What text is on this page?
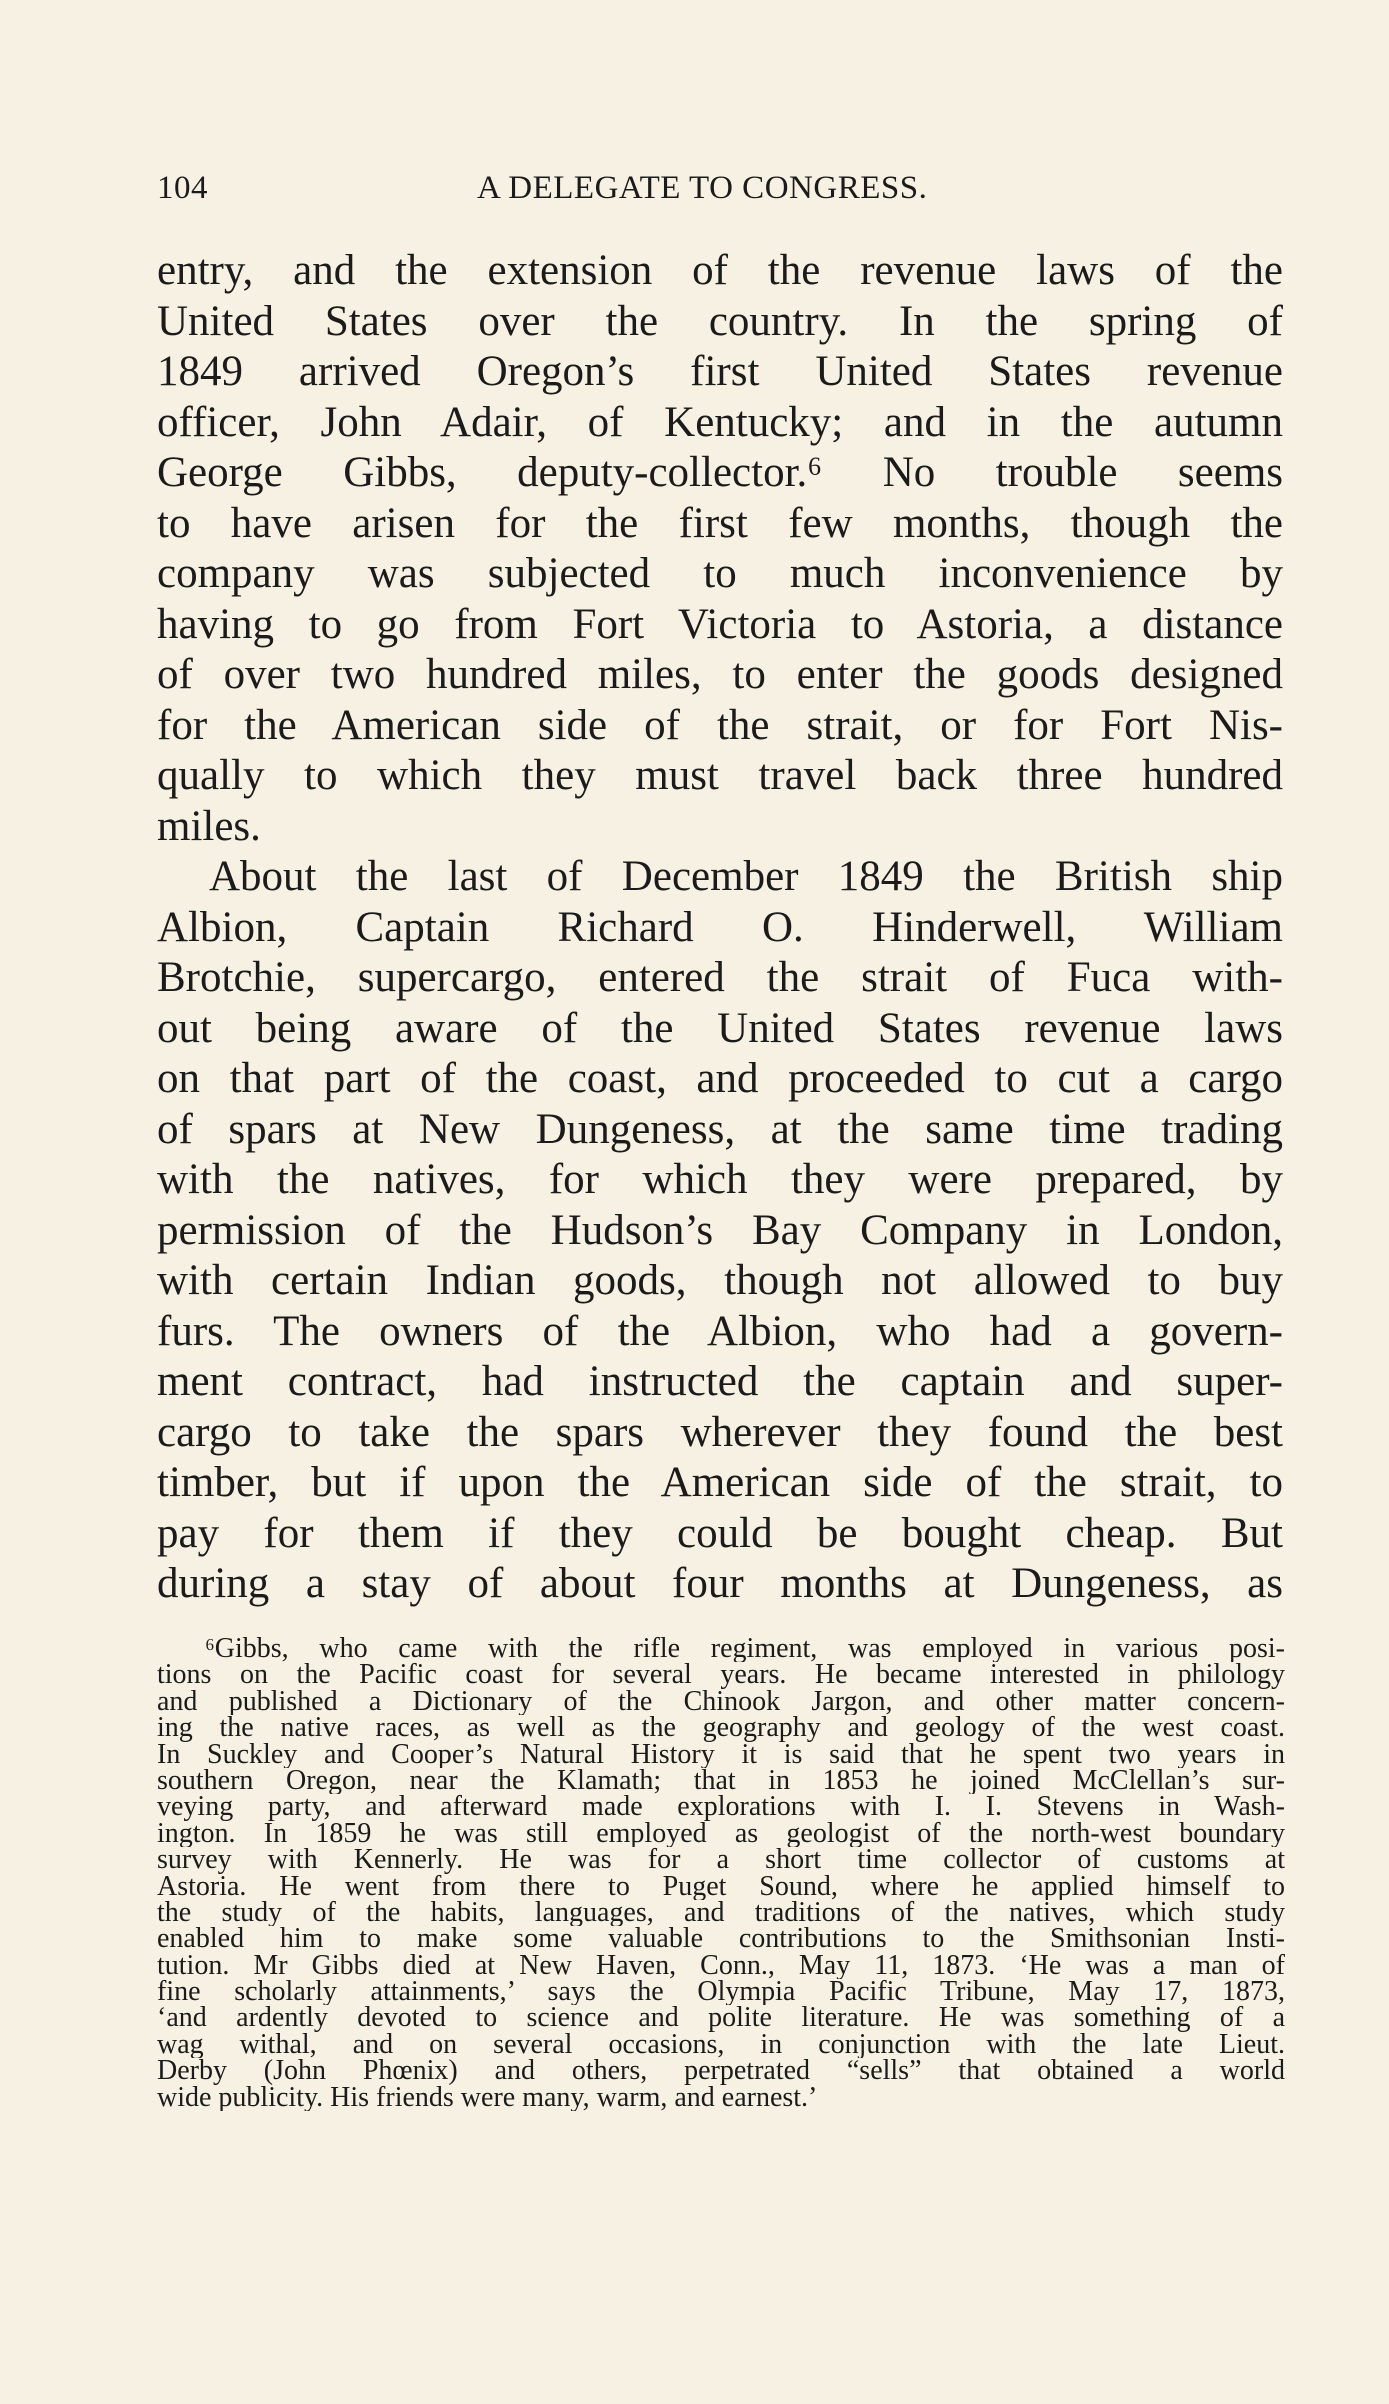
104	A DELEGATE TO CONGRESS.
entry, and the extension of the revenue laws of the
United States over the country. In the spring of
1849 arrived Oregon’s first United States revenue
officer, John Adair, of Kentucky; and in the autumn
George Gibbs, deputy-collector.⁶ No trouble seems
to have arisen for the first few months, though the
company was subjected to much inconvenience by
having to go from Fort Victoria to Astoria, a distance
of over two hundred miles, to enter the goods designed
for the American side of the strait, or for Fort Nis-
qually to which they must travel back three hundred
miles.
About the last of December 1849 the British ship
Albion, Captain Richard O. Hinderwell, William
Brotchie, supercargo, entered the strait of Fuca with-
out being aware of the United States revenue laws
on that part of the coast, and proceeded to cut a cargo
of spars at New Dungeness, at the same time trading
with the natives, for which they were prepared, by
permission of the Hudson’s Bay Company in London,
with certain Indian goods, though not allowed to buy
furs. The owners of the Albion, who had a govern-
ment contract, had instructed the captain and super-
cargo to take the spars wherever they found the best
timber, but if upon the American side of the strait, to
pay for them if they could be bought cheap. But
during a stay of about four months at Dungeness, as
⁶Gibbs, who came with the rifle regiment, was employed in various posi-
tions on the Pacific coast for several years. He became interested in philology
and published a Dictionary of the Chinook Jargon, and other matter concern-
ing the native races, as well as the geography and geology of the west coast.
In Suckley and Cooper’s Natural History it is said that he spent two years in
southern Oregon, near the Klamath; that in 1853 he joined McClellan’s sur-
veying party, and afterward made explorations with I. I. Stevens in Wash-
ington. In 1859 he was still employed as geologist of the north-west boundary
survey with Kennerly. He was for a short time collector of customs at
Astoria. He went from there to Puget Sound, where he applied himself to
the study of the habits, languages, and traditions of the natives, which study
enabled him to make some valuable contributions to the Smithsonian Insti-
tution. Mr Gibbs died at New Haven, Conn., May 11, 1873. ‘He was a man of
fine scholarly attainments,’ says the Olympia Pacific Tribune, May 17, 1873,
‘and ardently devoted to science and polite literature. He was something of a
wag withal, and on several occasions, in conjunction with the late Lieut.
Derby (John Phœnix) and others, perpetrated “sells” that obtained a world
wide publicity. His friends were many, warm, and earnest.’
